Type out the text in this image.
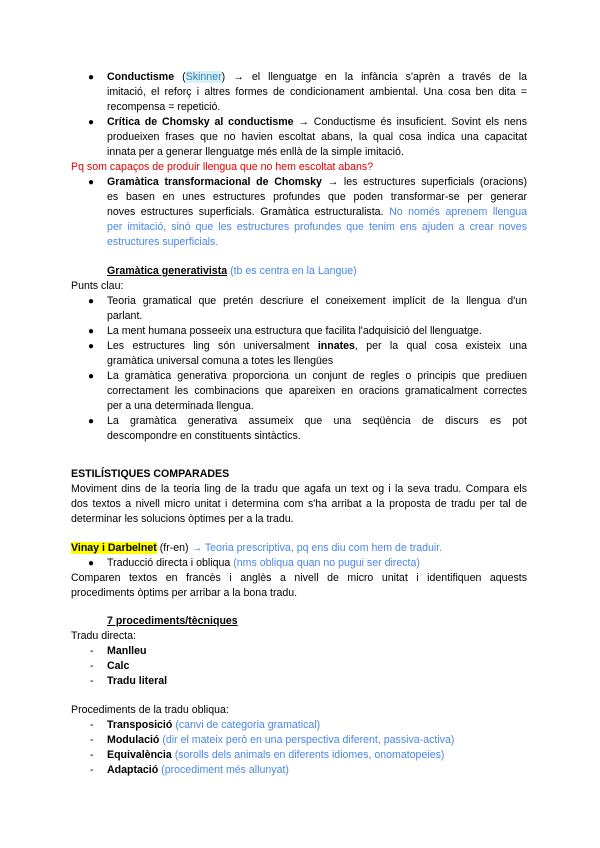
● Conductisme (Skinner) → el llenguatge en la infància s'aprèn a través de la
imitació, el reforç i altres formes de condicionament ambiental. Una cosa ben dita =
recompensa = repetició.
● Crítica de Chomsky al conductisme → Conductisme és insuficient. Sovint els nens
produeixen frases que no havien escoltat abans, la qual cosa indica una capacitat
innata per a generar llenguatge més enllà de la simple imitació.
Pq som capaços de produir llengua que no hem escoltat abans?
● Gramàtica transformacional de Chomsky → les estructures superficials (oracions)
es basen en unes estructures profundes que poden transformar-se per generar
noves estructures superficials. Gramàtica estructuralista. No només aprenem llengua
per imitació, sinó que les estructures profundes que tenim ens ajuden a crear noves
estructures superficials.
Gramàtica generativista (tb es centra en la Langue)
Punts clau:
● Teoria gramatical que pretén descriure el coneixement implícit de la llengua d'un
parlant.
● La ment humana posseeix una estructura que facilita l'adquisició del llenguatge.
● Les estructures ling són universalment innates, per la qual cosa existeix una
gramàtica universal comuna a totes les llengües
● La gramàtica generativa proporciona un conjunt de regles o principis que prediuen
correctament les combinacions que apareixen en oracions gramaticalment correctes
per a una determinada llengua.
● La gramàtica generativa assumeix que una seqüència de discurs es pot
descompondre en constituents sintàctics.
ESTILÍSTIQUES COMPARADES
Moviment dins de la teoria ling de la tradu que agafa un text og i la seva tradu. Compara els
dos textos a nivell micro unitat i determina com s'ha arribat a la proposta de tradu per tal de
determinar les solucions òptimes per a la tradu.
Vinay i Darbelnet (fr-en) → Teoria prescriptiva, pq ens diu com hem de traduir.
● Traducció directa i obliqua (nms obliqua quan no pugui ser directa)
Comparen textos en francès i anglès a nivell de micro unitat i identifiquen aquests
procediments òptims per arribar a la bona tradu.
7 procediments/tècniques
Tradu directa:
- Manlleu
- Calc
- Tradu literal
Procediments de la tradu obliqua:
- Transposició (canvi de categoria gramatical)
- Modulació (dir el mateix però en una perspectiva diferent, passiva-activa)
- Equivalència (sorolls dels animals en diferents idiomes, onomatopeies)
- Adaptació (procediment més allunyat)
